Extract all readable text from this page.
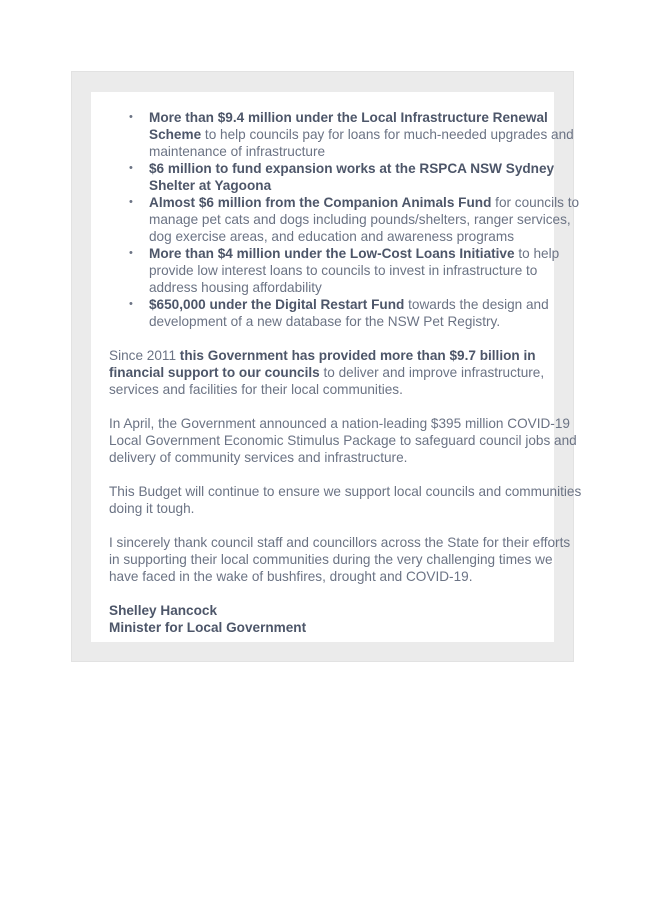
• More than $9.4 million under the Local Infrastructure Renewal
Scheme to help councils pay for loans for much-needed upgrades and
maintenance of infrastructure
• $6 million to fund expansion works at the RSPCA NSW Sydney
Shelter at Yagoona
• Almost $6 million from the Companion Animals Fund for councils to
manage pet cats and dogs including pounds/shelters, ranger services,
dog exercise areas, and education and awareness programs
• More than $4 million under the Low-Cost Loans Initiative to help
provide low interest loans to councils to invest in infrastructure to
address housing affordability
• $650,000 under the Digital Restart Fund towards the design and
development of a new database for the NSW Pet Registry.
Since 2011 this Government has provided more than $9.7 billion in
financial support to our councils to deliver and improve infrastructure,
services and facilities for their local communities.
In April, the Government announced a nation-leading $395 million COVID-19
Local Government Economic Stimulus Package to safeguard council jobs and
delivery of community services and infrastructure.
This Budget will continue to ensure we support local councils and communities
doing it tough.
I sincerely thank council staff and councillors across the State for their efforts
in supporting their local communities during the very challenging times we
have faced in the wake of bushfires, drought and COVID-19.
Shelley Hancock
Minister for Local Government
